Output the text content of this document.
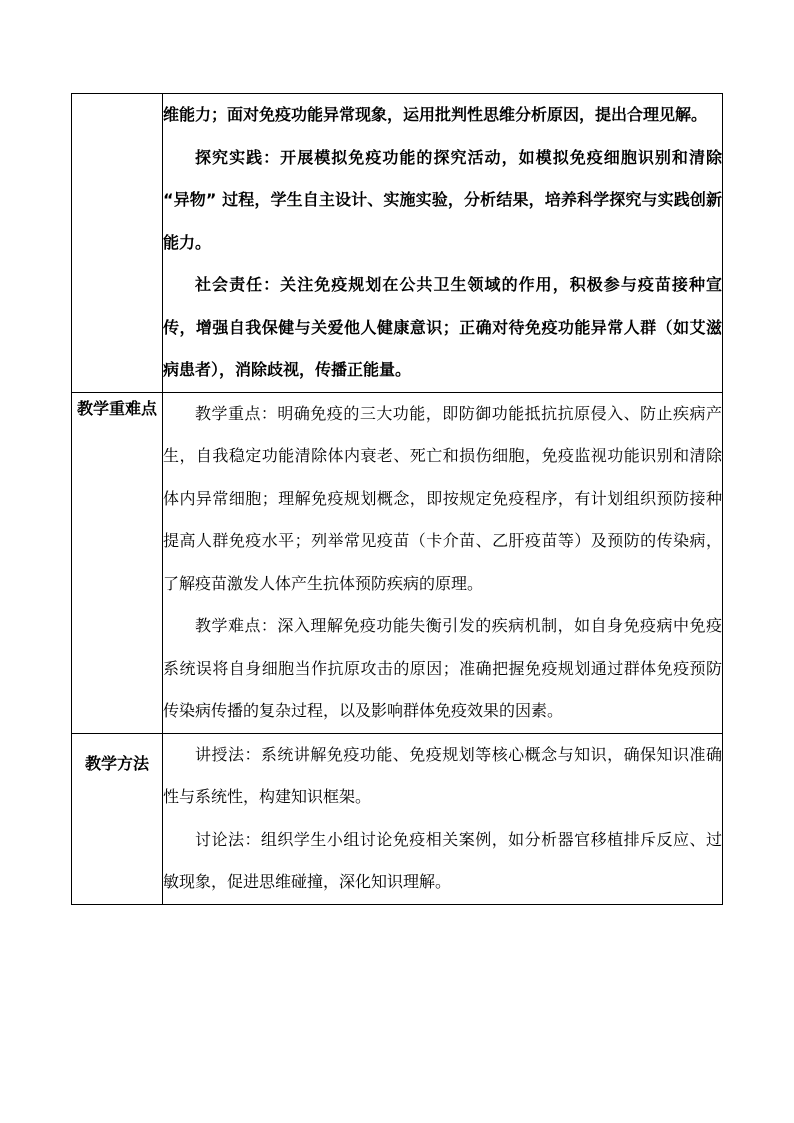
	维能力；面对免疫功能异常现象，运用批判性思维分析原因，提出合理见解。

探究实践：开展模拟免疫功能的探究活动，如模拟免疫细胞识别和清除 “异物” 过程，学生自主设计、实施实验，分析结果，培养科学探究与实践创新能力。

社会责任：关注免疫规划在公共卫生领域的作用，积极参与疫苗接种宣传，增强自我保健与关爱他人健康意识；正确对待免疫功能异常人群（如艾滋病患者），消除歧视，传播正能量。

教学重难点	教学重点：明确免疫的三大功能，即防御功能抵抗抗原侵入、防止疾病产生，自我稳定功能清除体内衰老、死亡和损伤细胞，免疫监视功能识别和清除体内异常细胞；理解免疫规划概念，即按规定免疫程序，有计划组织预防接种提高人群免疫水平；列举常见疫苗（卡介苗、乙肝疫苗等）及预防的传染病，了解疫苗激发人体产生抗体预防疾病的原理。

教学难点：深入理解免疫功能失衡引发的疾病机制，如自身免疫病中免疫系统误将自身细胞当作抗原攻击的原因；准确把握免疫规划通过群体免疫预防传染病传播的复杂过程，以及影响群体免疫效果的因素。

教学方法	讲授法：系统讲解免疫功能、免疫规划等核心概念与知识，确保知识准确性与系统性，构建知识框架。

讨论法：组织学生小组讨论免疫相关案例，如分析器官移植排斥反应、过敏现象，促进思维碰撞，深化知识理解。
